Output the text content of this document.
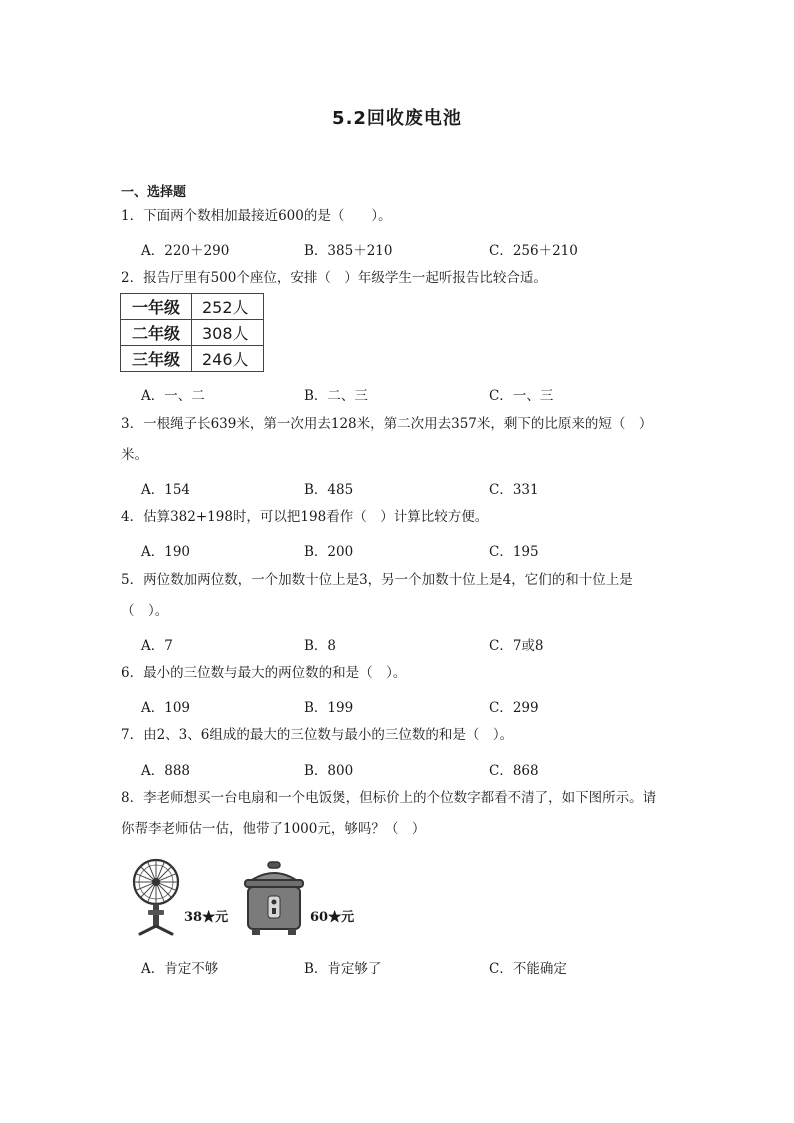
5.2回收废电池
一、选择题
1．下面两个数相加最接近600的是（　　）。
A．220＋290	B．385＋210	C．256＋210
2．报告厅里有500个座位，安排（　）年级学生一起听报告比较合适。
一年级	252人
二年级	308人
三年级	246人
A．一、二	B．二、三	C．一、三
3．一根绳子长639米，第一次用去128米，第二次用去357米，剩下的比原来的短（　）
米。
A．154	B．485	C．331
4．估算382+198时，可以把198看作（　）计算比较方便。
A．190	B．200	C．195
5．两位数加两位数，一个加数十位上是3，另一个加数十位上是4，它们的和十位上是
（　）。
A．7	B．8	C．7或8
6．最小的三位数与最大的两位数的和是（　）。
A．109	B．199	C．299
7．由2、3、6组成的最大的三位数与最小的三位数的和是（　）。
A．888	B．800	C．868
8．李老师想买一台电扇和一个电饭煲，但标价上的个位数字都看不清了，如下图所示。请
你帮李老师估一估，他带了1000元，够吗？（　）
38★元	60★元
A．肯定不够	B．肯定够了	C．不能确定
